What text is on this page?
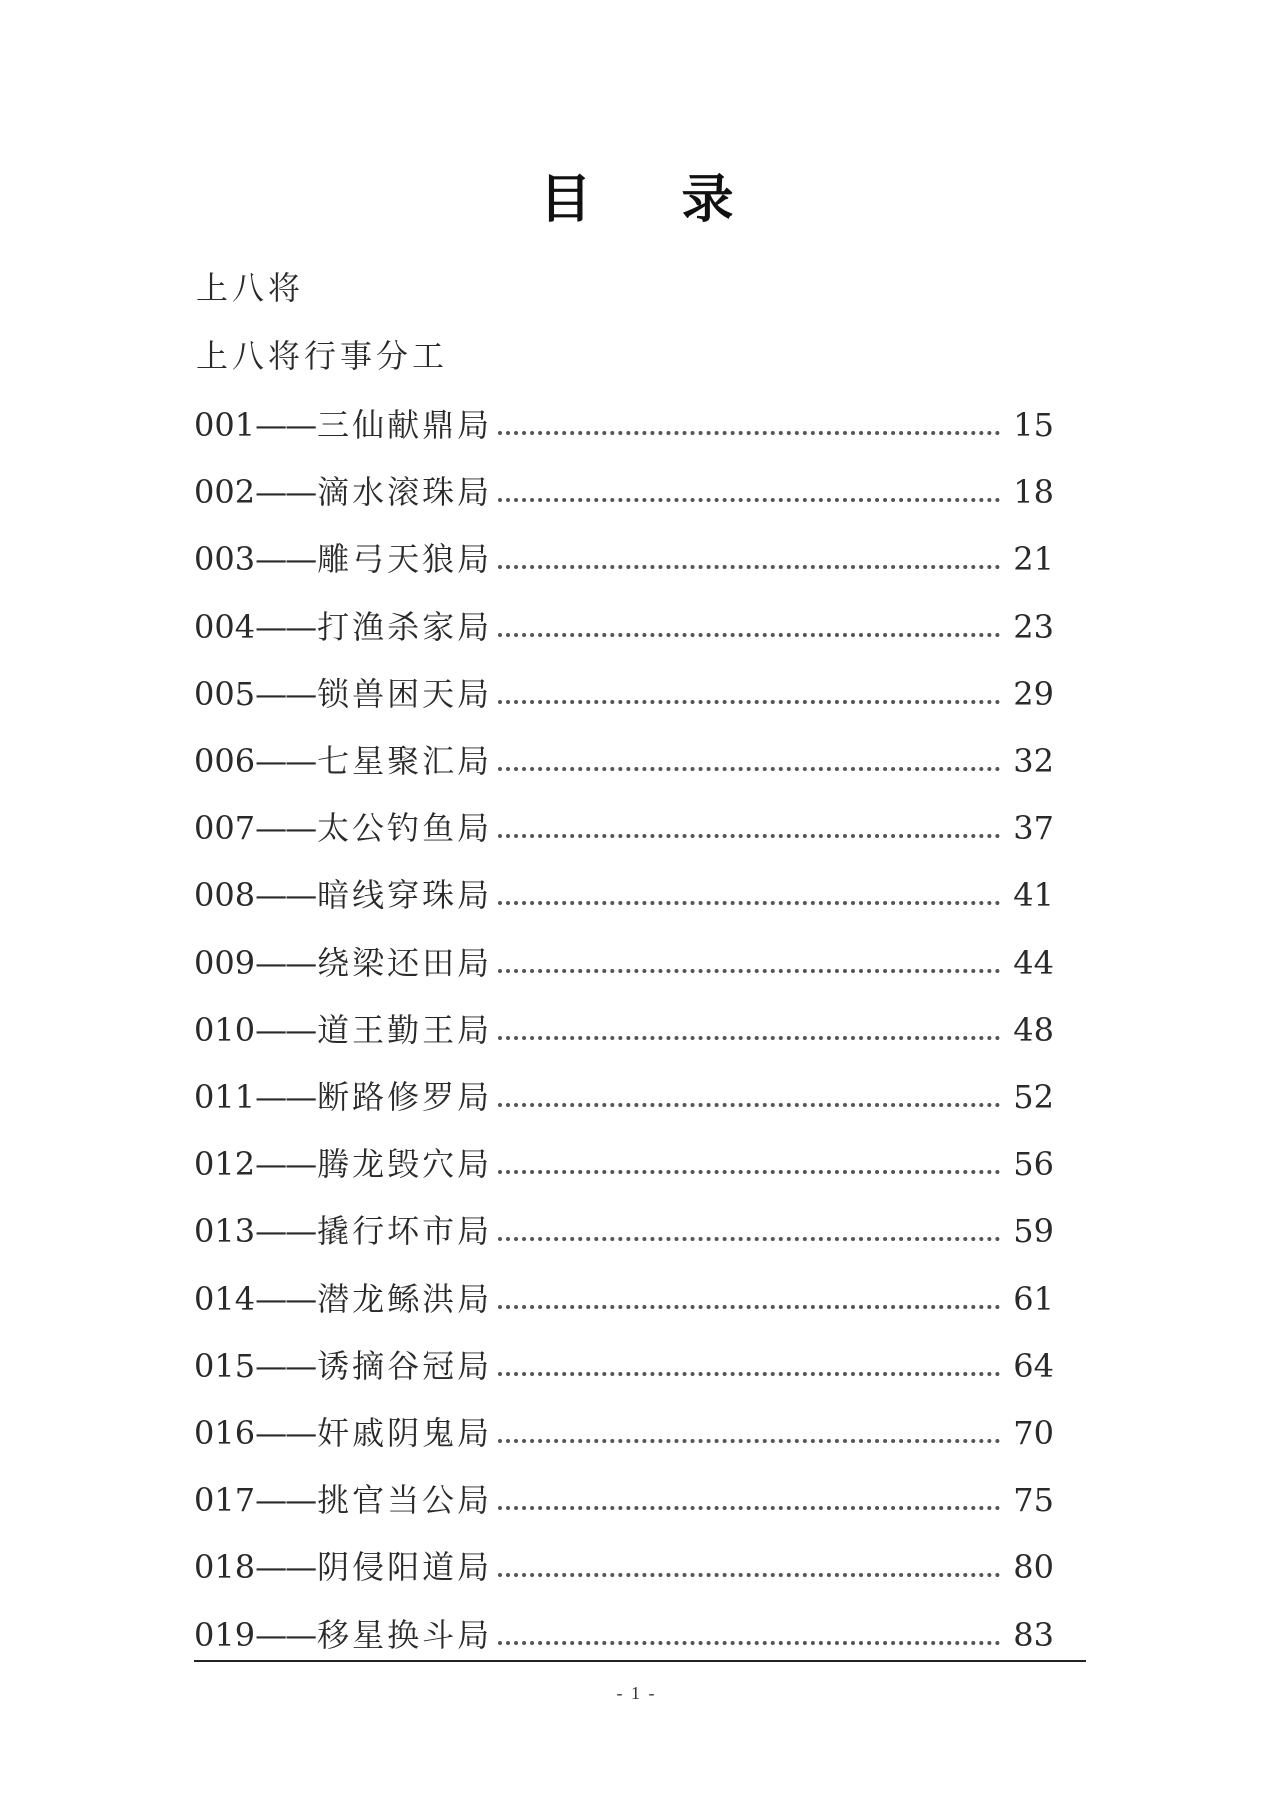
目 录
上八将
上八将行事分工
001 —— 三仙献鼎局	15
002 —— 滴水滚珠局	18
003 —— 雕弓天狼局	21
004 —— 打渔杀家局	23
005 —— 锁兽困天局	29
006 —— 七星聚汇局	32
007 —— 太公钓鱼局	37
008 —— 暗线穿珠局	41
009 —— 绕梁还田局	44
010 —— 道王勤王局	48
011 —— 断路修罗局	52
012 —— 腾龙毁穴局	56
013 —— 撬行坏市局	59
014 —— 潜龙鲧洪局	61
015 —— 诱摘谷冠局	64
016 —— 奸戚阴鬼局	70
017 —— 挑官当公局	75
018 —— 阴侵阳道局	80
019 —— 移星换斗局	83
- 1 -
